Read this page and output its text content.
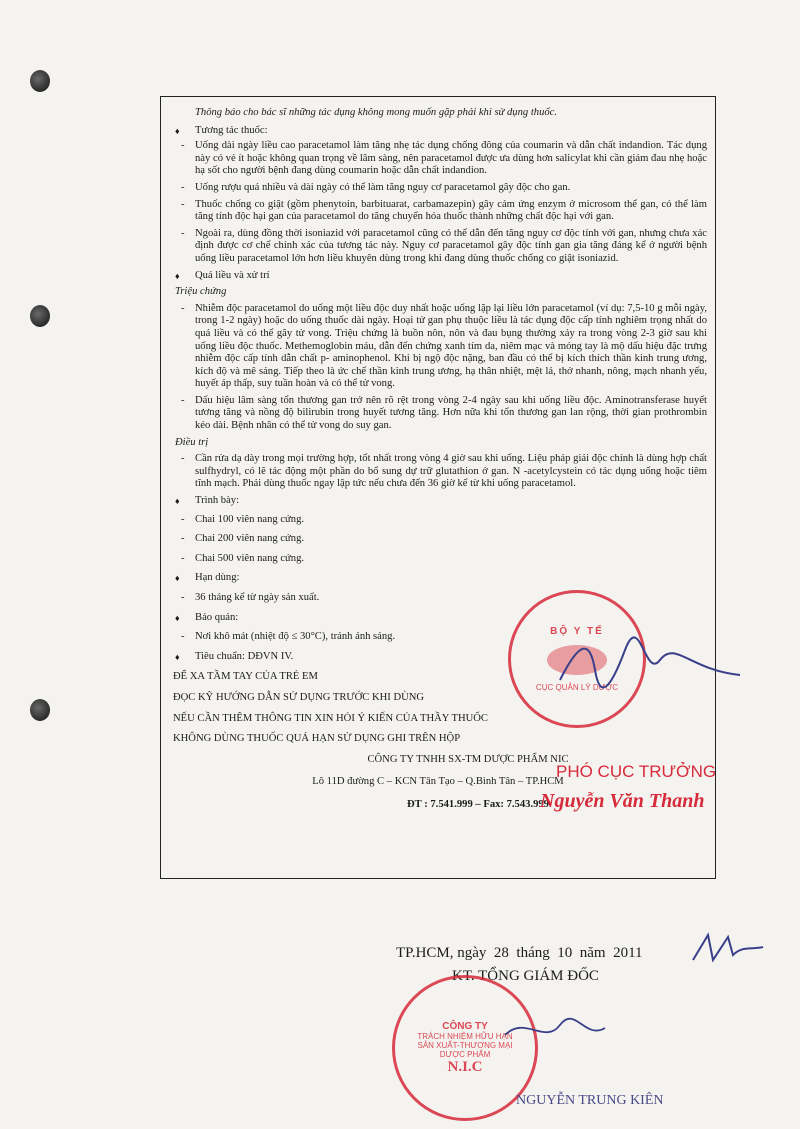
Thông báo cho bác sĩ những tác dụng không mong muốn gặp phải khi sử dụng thuốc.

♦ Tương tác thuốc:
- Uống dài ngày liều cao paracetamol làm tăng nhẹ tác dụng chống đông của coumarin và dẫn chất indandion. Tác dụng này có vẻ ít hoặc không quan trọng về lâm sàng, nên paracetamol được ưa dùng hơn salicylat khi cần giảm đau nhẹ hoặc hạ sốt cho người bệnh đang dùng coumarin hoặc dẫn chất indandion.
- Uống rượu quá nhiều và dài ngày có thể làm tăng nguy cơ paracetamol gây độc cho gan.
- Thuốc chống co giật (gồm phenytoin, barbituarat, carbamazepin) gây cảm ứng enzym ở microsom thể gan, có thể làm tăng tính độc hại gan của paracetamol do tăng chuyển hóa thuốc thành những chất độc hại với gan.
- Ngoài ra, dùng đồng thời isoniazid với paracetamol cũng có thể dẫn đến tăng nguy cơ độc tính với gan, nhưng chưa xác định được cơ chế chính xác của tương tác này. Nguy cơ paracetamol gây độc tính gan gia tăng đáng kể ở người bệnh uống liều paracetamol lớn hơn liều khuyên dùng trong khi đang dùng thuốc chống co giật isoniazid.
♦ Quá liều và xử trí
Triệu chứng
- Nhiễm độc paracetamol do uống một liều độc duy nhất hoặc uống lặp lại liều lớn paracetamol (ví dụ: 7,5-10 g mỗi ngày, trong 1-2 ngày) hoặc do uống thuốc dài ngày. Hoại tử gan phụ thuộc liều là tác dụng độc cấp tính nghiêm trọng nhất do quá liều và có thể gây tử vong. Triệu chứng là buồn nôn, nôn và đau bụng thường xảy ra trong vòng 2-3 giờ sau khi uống liều độc thuốc. Methemoglobin máu, dẫn đến chứng xanh tím da, niêm mạc và móng tay là mộ dấu hiệu đặc trưng nhiễm độc cấp tính dẫn chất p- aminophenol. Khi bị ngộ độc nặng, ban đầu có thể bị kích thích thần kinh trung ương, kích độ và mê sảng. Tiếp theo là ức chế thần kinh trung ương, hạ thân nhiệt, mệt lả, thở nhanh, nông, mạch nhanh yếu, huyết áp thấp, suy tuần hoàn và có thể tử vong.
- Dấu hiệu lâm sàng tổn thương gan trở nên rõ rệt trong vòng 2-4 ngày sau khi uống liều độc. Aminotransferase huyết tương tăng và nồng độ bilirubin trong huyết tương tăng. Hơn nữa khi tổn thương gan lan rộng, thời gian prothrombin kéo dài. Bệnh nhân có thể tử vong do suy gan.
Điều trị
- Cần rửa dạ dày trong mọi trường hợp, tốt nhất trong vòng 4 giờ sau khi uống. Liệu pháp giải độc chính là dùng hợp chất sulfhydryl, có lẽ tác động một phần do bổ sung dự trữ glutathion ở gan. N -acetylcystein có tác dụng uống hoặc tiêm tĩnh mạch. Phải dùng thuốc ngay lập tức nếu chưa đến 36 giờ kể từ khi uống paracetamol.
♦ Trình bày:
- Chai 100 viên nang cứng.
- Chai 200 viên nang cứng.
- Chai 500 viên nang cứng.
♦ Hạn dùng:
- 36 tháng kể từ ngày sản xuất.
♦ Bảo quản:
- Nơi khô mát (nhiệt độ ≤ 30°C), tránh ánh sáng.
♦ Tiêu chuẩn: DĐVN IV.
ĐỂ XA TẦM TAY CỦA TRẺ EM
ĐỌC KỸ HƯỚNG DẪN SỬ DỤNG TRƯỚC KHI DÙNG
NẾU CẦN THÊM THÔNG TIN XIN HỎI Ý KIẾN CỦA THẦY THUỐC
KHÔNG DÙNG THUỐC QUÁ HẠN SỬ DỤNG GHI TRÊN HỘP
CÔNG TY TNHH SX-TM DƯỢC PHẨM NIC
Lô 11D đường C – KCN Tân Tạo – Q.Bình Tân – TP.HCM
ĐT : 7.541.999 – Fax: 7.543.999
BỘ Y TẾ
CỤC QUẢN LÝ DƯỢC
PHÓ CỤC TRƯỞNG
Nguyễn Văn Thanh
TP.HCM, ngày  28  tháng  10  năm  2011
KT. TỔNG GIÁM ĐỐC
CÔNG TY
TRÁCH NHIỆM HỮU HẠN
SẢN XUẤT-THƯƠNG MẠI
DƯỢC PHẨM
N.I.C
NGUYỄN TRUNG KIÊN
